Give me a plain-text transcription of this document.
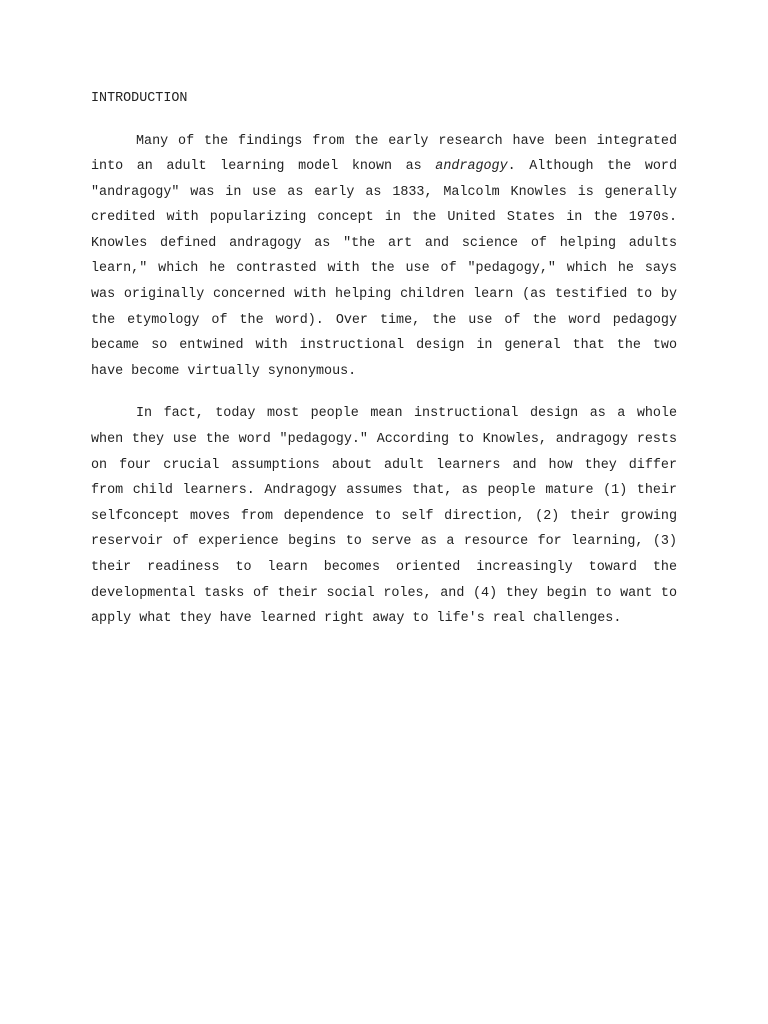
INTRODUCTION

Many of the findings from the early research have been integrated into an adult learning model known as andragogy. Although the word "andragogy" was in use as early as 1833, Malcolm Knowles is generally credited with popularizing concept in the United States in the 1970s. Knowles defined andragogy as "the art and science of helping adults learn," which he contrasted with the use of "pedagogy," which he says was originally concerned with helping children learn (as testified to by the etymology of the word). Over time, the use of the word pedagogy became so entwined with instructional design in general that the two have become virtually synonymous.

In fact, today most people mean instructional design as a whole when they use the word "pedagogy." According to Knowles, andragogy rests on four crucial assumptions about adult learners and how they differ from child learners. Andragogy assumes that, as people mature (1) their selfconcept moves from dependence to self direction, (2) their growing reservoir of experience begins to serve as a resource for learning, (3) their readiness to learn becomes oriented increasingly toward the developmental tasks of their social roles, and (4) they begin to want to apply what they have learned right away to life's real challenges.
